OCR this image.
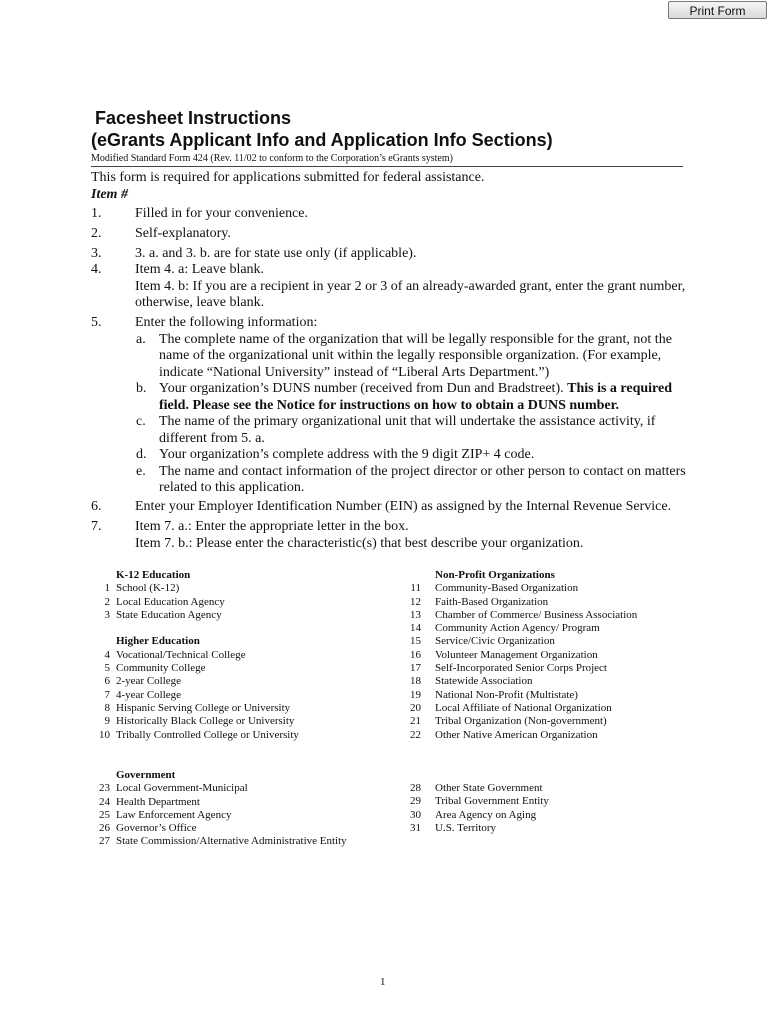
Print Form
Facesheet Instructions
(eGrants Applicant Info and Application Info Sections)
Modified Standard Form 424 (Rev. 11/02 to conform to the Corporation’s eGrants system)
This form is required for applications submitted for federal assistance.
Item #
1. Filled in for your convenience.
2. Self-explanatory.
3. 3. a. and 3. b. are for state use only (if applicable).
4. Item 4. a: Leave blank.
Item 4. b: If you are a recipient in year 2 or 3 of an already-awarded grant, enter the grant number, otherwise, leave blank.
5. Enter the following information:
a. The complete name of the organization that will be legally responsible for the grant, not the name of the organizational unit within the legally responsible organization. (For example, indicate “National University” instead of “Liberal Arts Department.”)
b. Your organization’s DUNS number (received from Dun and Bradstreet). This is a required field. Please see the Notice for instructions on how to obtain a DUNS number.
c. The name of the primary organizational unit that will undertake the assistance activity, if different from 5. a.
d. Your organization’s complete address with the 9 digit ZIP+ 4 code.
e. The name and contact information of the project director or other person to contact on matters related to this application.
6. Enter your Employer Identification Number (EIN) as assigned by the Internal Revenue Service.
7. Item 7. a.: Enter the appropriate letter in the box.
Item 7. b.: Please enter the characteristic(s) that best describe your organization.
K-12 Education
1 School (K-12)
2 Local Education Agency
3 State Education Agency
Higher Education
4 Vocational/Technical College
5 Community College
6 2-year College
7 4-year College
8 Hispanic Serving College or University
9 Historically Black College or University
10 Tribally Controlled College or University
Non-Profit Organizations
11 Community-Based Organization
12 Faith-Based Organization
13 Chamber of Commerce/ Business Association
14 Community Action Agency/ Program
15 Service/Civic Organization
16 Volunteer Management Organization
17 Self-Incorporated Senior Corps Project
18 Statewide Association
19 National Non-Profit (Multistate)
20 Local Affiliate of National Organization
21 Tribal Organization (Non-government)
22 Other Native American Organization
Government
23 Local Government-Municipal
24 Health Department
25 Law Enforcement Agency
26 Governor’s Office
27 State Commission/Alternative Administrative Entity
28 Other State Government
29 Tribal Government Entity
30 Area Agency on Aging
31 U.S. Territory
1
